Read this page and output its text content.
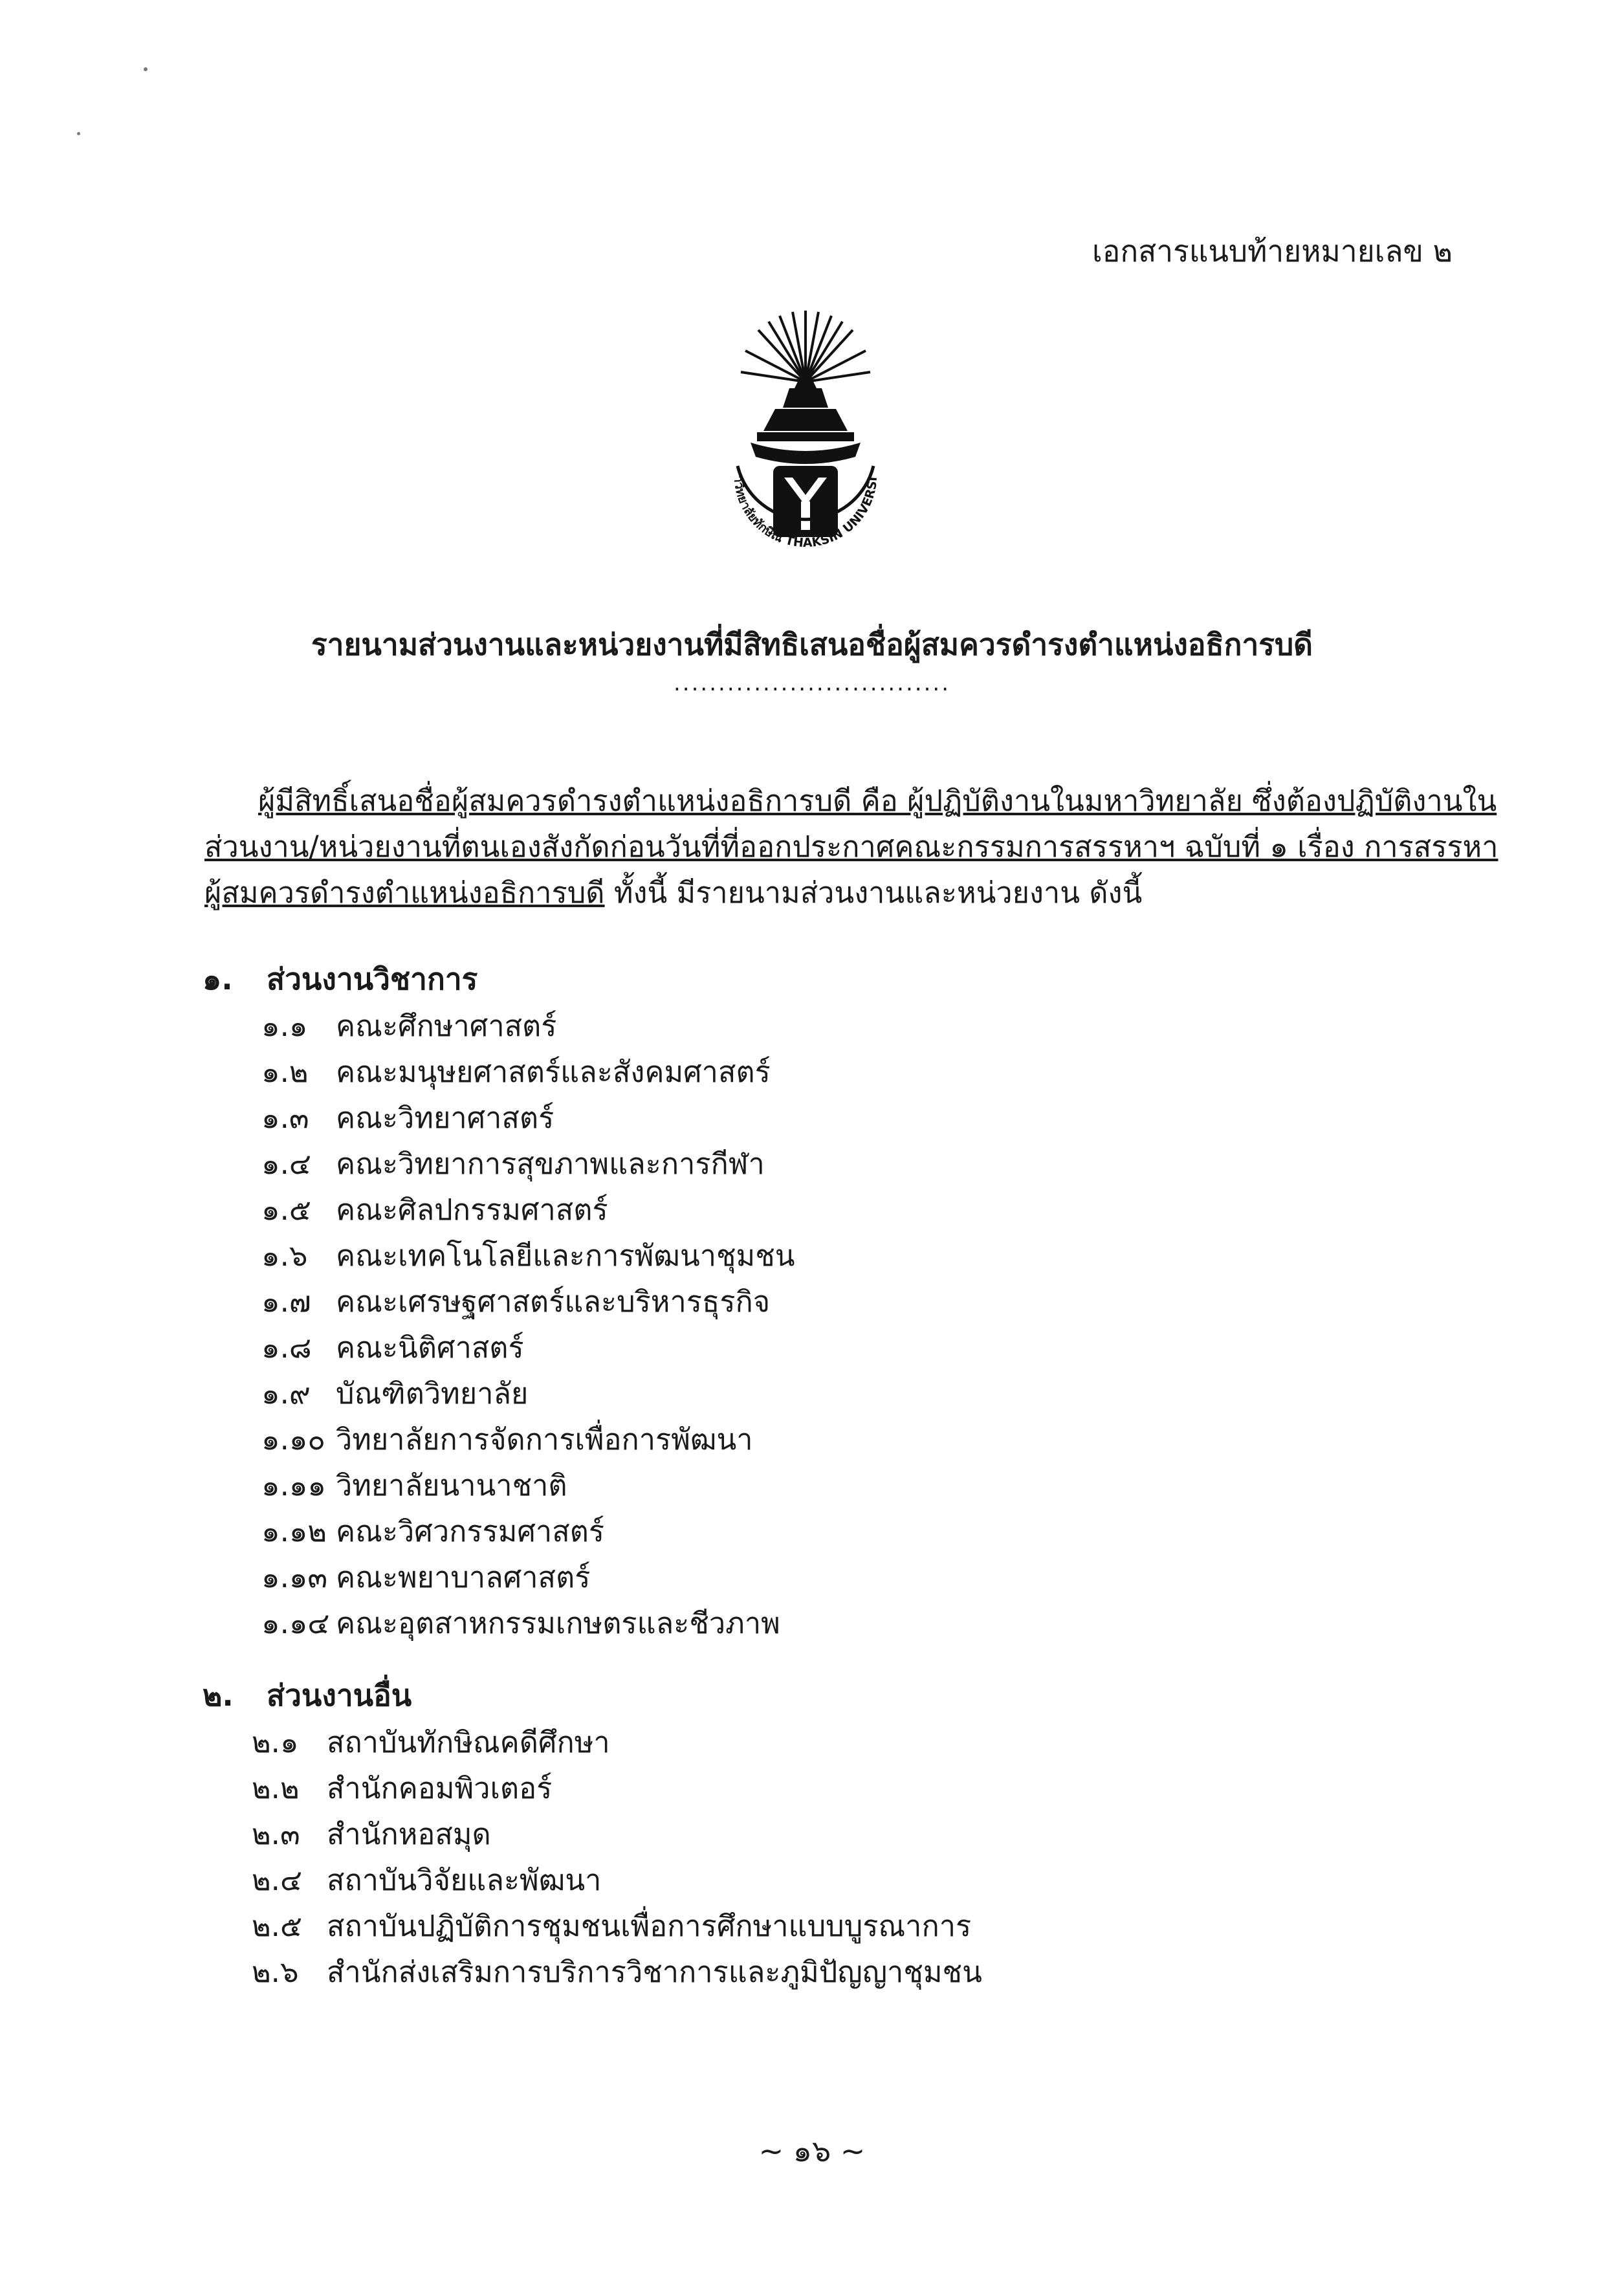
เอกสารแนบท้ายหมายเลข ๒
าวิทยาลัยทักษิณ THAKSIN UNIVERSI
รายนามส่วนงานและหน่วยงานที่มีสิทธิเสนอชื่อผู้สมควรดำรงตำแหน่งอธิการบดี
...............................
ผู้มีสิทธิ์เสนอชื่อผู้สมควรดำรงตำแหน่งอธิการบดี คือ ผู้ปฏิบัติงานในมหาวิทยาลัย ซึ่งต้องปฏิบัติงานใน
ส่วนงาน/หน่วยงานที่ตนเองสังกัดก่อนวันที่ที่ออกประกาศคณะกรรมการสรรหาฯ ฉบับที่ ๑ เรื่อง การสรรหา
ผู้สมควรดำรงตำแหน่งอธิการบดี ทั้งนี้ มีรายนามส่วนงานและหน่วยงาน ดังนี้
๑. ส่วนงานวิชาการ
๑.๑ คณะศึกษาศาสตร์
๑.๒ คณะมนุษยศาสตร์และสังคมศาสตร์
๑.๓ คณะวิทยาศาสตร์
๑.๔ คณะวิทยาการสุขภาพและการกีฬา
๑.๕ คณะศิลปกรรมศาสตร์
๑.๖ คณะเทคโนโลยีและการพัฒนาชุมชน
๑.๗ คณะเศรษฐศาสตร์และบริหารธุรกิจ
๑.๘ คณะนิติศาสตร์
๑.๙ บัณฑิตวิทยาลัย
๑.๑๐ วิทยาลัยการจัดการเพื่อการพัฒนา
๑.๑๑ วิทยาลัยนานาชาติ
๑.๑๒ คณะวิศวกรรมศาสตร์
๑.๑๓ คณะพยาบาลศาสตร์
๑.๑๔ คณะอุตสาหกรรมเกษตรและชีวภาพ
๒. ส่วนงานอื่น
๒.๑ สถาบันทักษิณคดีศึกษา
๒.๒ สำนักคอมพิวเตอร์
๒.๓ สำนักหอสมุด
๒.๔ สถาบันวิจัยและพัฒนา
๒.๕ สถาบันปฏิบัติการชุมชนเพื่อการศึกษาแบบบูรณาการ
๒.๖ สำนักส่งเสริมการบริการวิชาการและภูมิปัญญาชุมชน
~ ๑๖ ~
